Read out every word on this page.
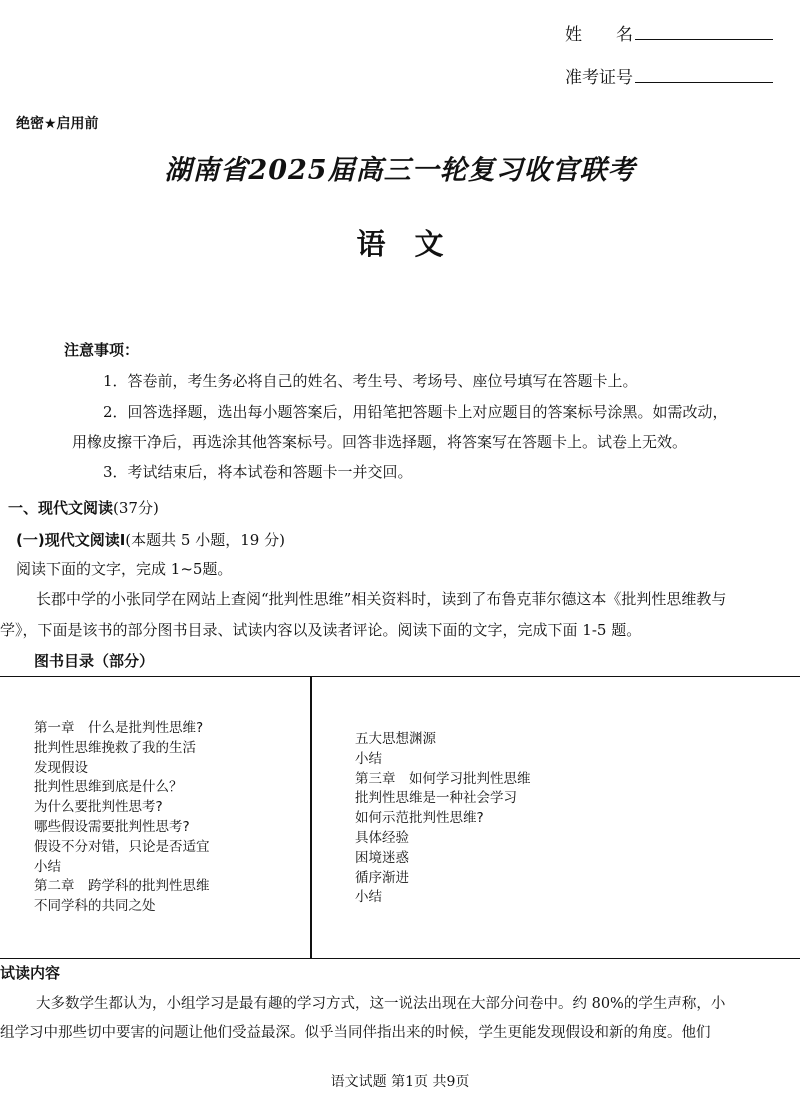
姓　　名
准考证号
绝密★启用前
湖南省2025届高三一轮复习收官联考
语　文
注意事项：
1．答卷前，考生务必将自己的姓名、考生号、考场号、座位号填写在答题卡上。
2．回答选择题，选出每小题答案后，用铅笔把答题卡上对应题目的答案标号涂黑。如需改动，
用橡皮擦干净后，再选涂其他答案标号。回答非选择题，将答案写在答题卡上。试卷上无效。
3．考试结束后，将本试卷和答题卡一并交回。
一、现代文阅读(37分)
(一)现代文阅读Ⅰ(本题共 5 小题，19 分)
阅读下面的文字，完成 1~5题。
长郡中学的小张同学在网站上查阅“批判性思维”相关资料时，读到了布鲁克菲尔德这本《批判性思维教与
学》，下面是该书的部分图书目录、试读内容以及读者评论。阅读下面的文字，完成下面 1-5 题。
图书目录（部分）
第一章　什么是批判性思维?
批判性思维挽救了我的生活
发现假设
批判性思维到底是什么？
为什么要批判性思考?
哪些假设需要批判性思考?
假设不分对错，只论是否适宜
小结
第二章　跨学科的批判性思维
不同学科的共同之处
五大思想渊源
小结
第三章　如何学习批判性思维
批判性思维是一种社会学习
如何示范批判性思维?
具体经验
困境迷惑
循序渐进
小结
试读内容
大多数学生都认为，小组学习是最有趣的学习方式，这一说法出现在大部分问卷中。约 80%的学生声称，小
组学习中那些切中要害的问题让他们受益最深。似乎当同伴指出来的时候，学生更能发现假设和新的角度。他们
语文试题 第1页 共9页
